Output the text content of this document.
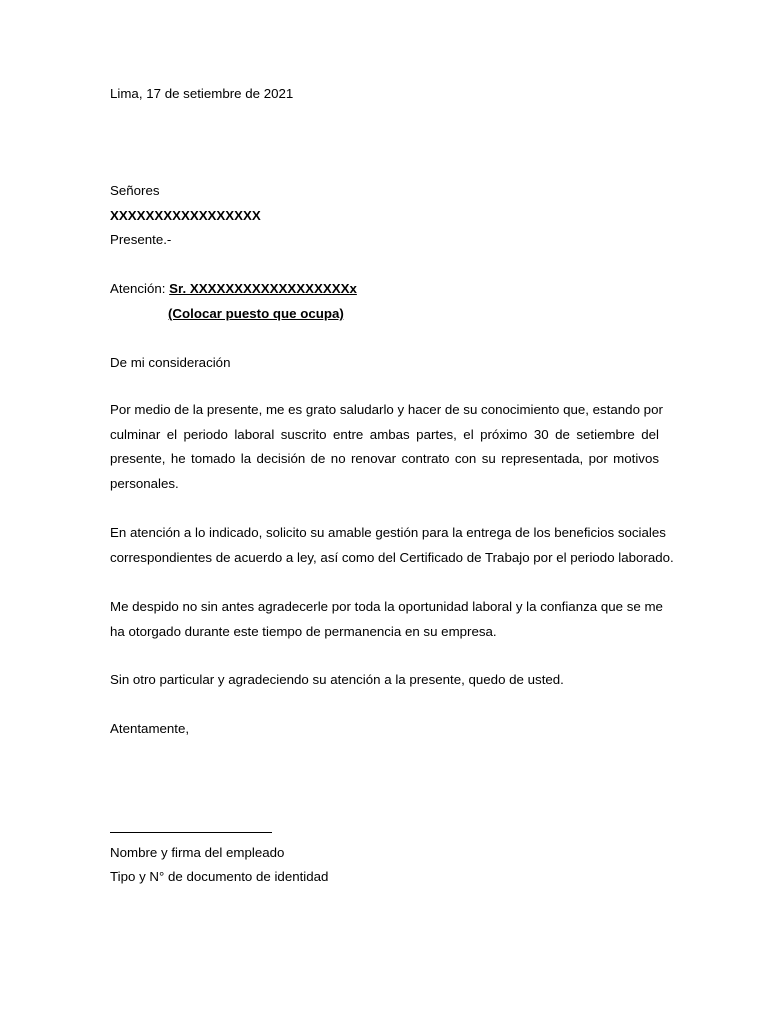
Lima, 17 de setiembre de 2021
Señores
XXXXXXXXXXXXXXXXX
Presente.-
Atención: Sr. XXXXXXXXXXXXXXXXXXx
(Colocar puesto que ocupa)
De mi consideración
Por medio de la presente, me es grato saludarlo y hacer de su conocimiento que, estando por
culminar el periodo laboral suscrito entre ambas partes, el próximo 30 de setiembre del
presente, he tomado la decisión de no renovar contrato con su representada, por motivos
personales.
En atención a lo indicado, solicito su amable gestión para la entrega de los beneficios sociales
correspondientes de acuerdo a ley, así como del Certificado de Trabajo por el periodo laborado.
Me despido no sin antes agradecerle por toda la oportunidad laboral y la confianza que se me
ha otorgado durante este tiempo de permanencia en su empresa.
Sin otro particular y agradeciendo su atención a la presente, quedo de usted.
Atentamente,
Nombre y firma del empleado
Tipo y N° de documento de identidad
